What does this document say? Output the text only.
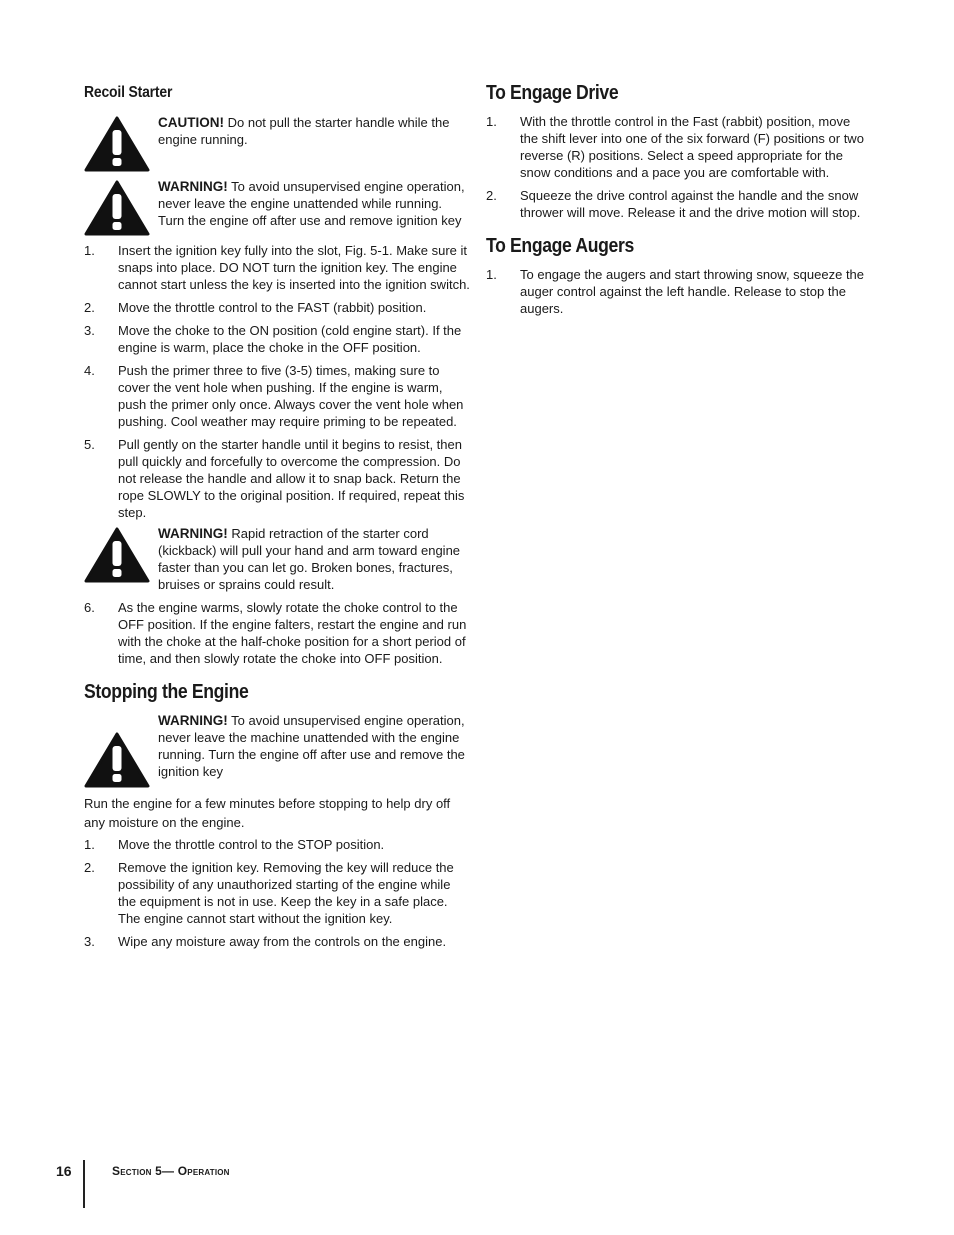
Recoil Starter
CAUTION! Do not pull the starter handle while the engine running.
WARNING! To avoid unsupervised engine operation, never leave the engine unattended while running. Turn the engine off after use and remove ignition key
1.	Insert the ignition key fully into the slot, Fig. 5-1. Make sure it snaps into place. DO NOT turn the ignition key. The engine cannot start unless the key is inserted into the ignition switch.
2.	Move the throttle control to the FAST (rabbit) position.
3.	Move the choke to the ON position (cold engine start). If the engine is warm, place the choke in the OFF position.
4.	Push the primer three to five (3-5) times, making sure to cover the vent hole when pushing. If the engine is warm, push the primer only once. Always cover the vent hole when pushing. Cool weather may require priming to be repeated.
5.	Pull gently on the starter handle until it begins to resist, then pull quickly and forcefully to overcome the compression. Do not release the handle and allow it to snap back. Return the rope SLOWLY to the original position. If required, repeat this step.
WARNING! Rapid retraction of the starter cord (kickback) will pull your hand and arm toward engine faster than you can let go. Broken bones, fractures, bruises or sprains could result.
6.	As the engine warms, slowly rotate the choke control to the OFF position. If the engine falters, restart the engine and run with the choke at the half-choke position for a short period of time, and then slowly rotate the choke into OFF position.
Stopping the Engine
WARNING! To avoid unsupervised engine operation, never leave the machine unattended with the engine running. Turn the engine off after use and remove the ignition key

Run the engine for a few minutes before stopping to help dry off any moisture on the engine.

1.	Move the throttle control to the STOP position.
2.	Remove the ignition key. Removing the key will reduce the possibility of any unauthorized starting of the engine while the equipment is not in use. Keep the key in a safe place. The engine cannot start without the ignition key.
3.	Wipe any moisture away from the controls on the engine.
To Engage Drive
1.	With the throttle control in the Fast (rabbit) position, move the shift lever into one of the six forward (F) positions or two reverse (R) positions. Select a speed appropriate for the snow conditions and a pace you are comfortable with.
2.	Squeeze the drive control against the handle and the snow thrower will move. Release it and the drive motion will stop.
To Engage Augers
1.	To engage the augers and start throwing snow, squeeze the auger control against the left handle. Release to stop the augers.
16	Section 5— Operation
